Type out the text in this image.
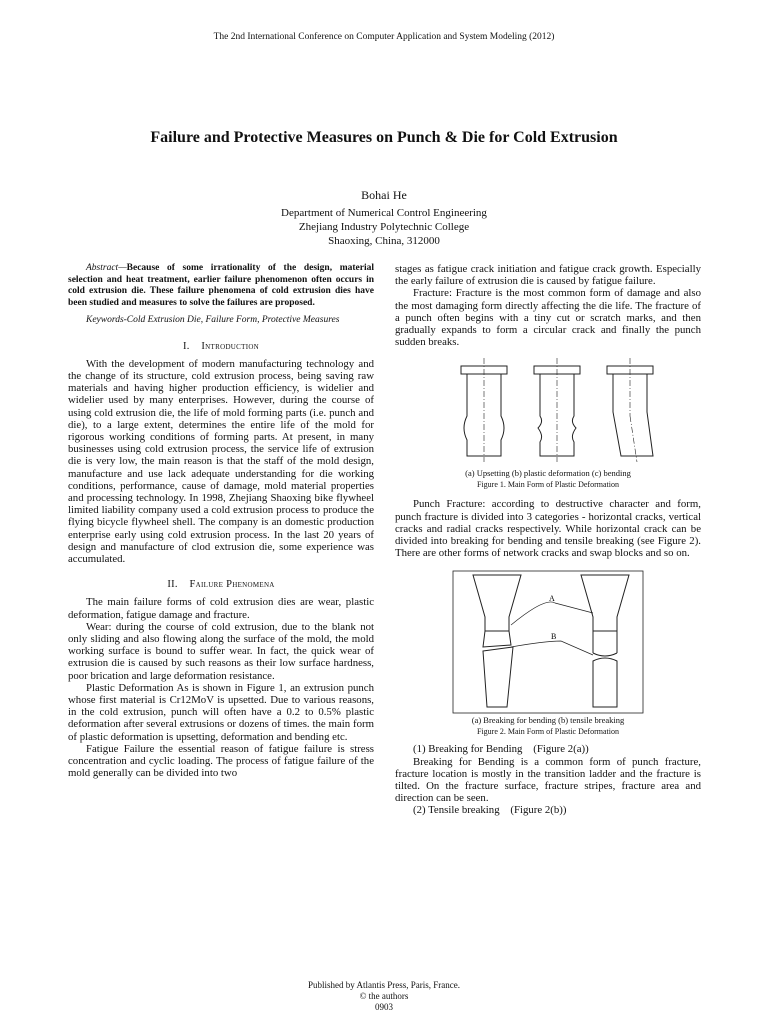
The 2nd International Conference on Computer Application and System Modeling (2012)
Failure and Protective Measures on Punch & Die for Cold Extrusion
Bohai He
Department of Numerical Control Engineering
Zhejiang Industry Polytechnic College
Shaoxing, China, 312000

Abstract—Because of some irrationality of the design, material selection and heat treatment, earlier failure phenomenon often occurs in cold extrusion die. These failure phenomena of cold extrusion dies have been studied and measures to solve the failures are proposed.

Keywords-Cold Extrusion Die, Failure Form, Protective Measures

I. Introduction

With the development of modern manufacturing technology and the change of its structure, cold extrusion process, being saving raw materials and having higher production efficiency, is widelier and widelier used by many enterprises. However, during the course of using cold extrusion die, the life of mold forming parts (i.e. punch and die), to a large extent, determines the entire life of the mold for rigorous working conditions of forming parts. At present, in many businesses using cold extrusion process, the service life of extrusion die is very low, the main reason is that the staff of the mold design, manufacture and use lack adequate understanding for die working conditions, performance, cause of damage, mold material properties and processing technology. In 1998, Zhejiang Shaoxing bike flywheel limited liability company used a cold extrusion process to produce the flying bicycle flywheel shell. The company is an domestic production enterprise early using cold extrusion process. In the last 20 years of design and manufacture of clod extrusion die, some experience was accumulated.

II. Failure Phenomena

The main failure forms of cold extrusion dies are wear, plastic deformation, fatigue damage and fracture.

Wear: during the course of cold extrusion, due to the blank not only sliding and also flowing along the surface of the mold, the mold working surface is bound to suffer wear. In fact, the quick wear of extrusion die is caused by such reasons as their low surface hardness, poor brication and large deformation resistance.

Plastic Deformation As is shown in Figure 1, an extrusion punch whose first material is Cr12MoV is upsetted. Due to various reasons, in the cold extrusion, punch will often have a 0.2 to 0.5% plastic deformation after several extrusions or dozens of times. the main form of plastic deformation is upsetting, deformation and bending etc.

Fatigue Failure the essential reason of fatigue failure is stress concentration and cyclic loading. The process of fatigue failure of the mold generally can be divided into two

stages as fatigue crack initiation and fatigue crack growth. Especially the early failure of extrusion die is caused by fatigue failure.

Fracture: Fracture is the most common form of damage and also the most damaging form directly affecting the die life. The fracture of a punch often begins with a tiny cut or scratch marks, and then gradually expands to form a circular crack and finally the punch sudden breaks.

(a) Upsetting (b) plastic deformation (c) bending
Figure 1. Main Form of Plastic Deformation

Punch Fracture: according to destructive character and form, punch fracture is divided into 3 categories - horizontal cracks, vertical cracks and radial cracks respectively. While horizontal crack can be divided into breaking for bending and tensile breaking (see Figure 2). There are other forms of network cracks and swap blocks and so on.

A
B
(a) Breaking for bending (b) tensile breaking
Figure 2. Main Form of Plastic Deformation

(1) Breaking for Bending　(Figure 2(a))

Breaking for Bending is a common form of punch fracture, fracture location is mostly in the transition ladder and the fracture is tilted. On the fracture surface, fracture stripes, fracture area and direction can be seen.

(2) Tensile breaking　(Figure 2(b))

Published by Atlantis Press, Paris, France.
© the authors
0903
